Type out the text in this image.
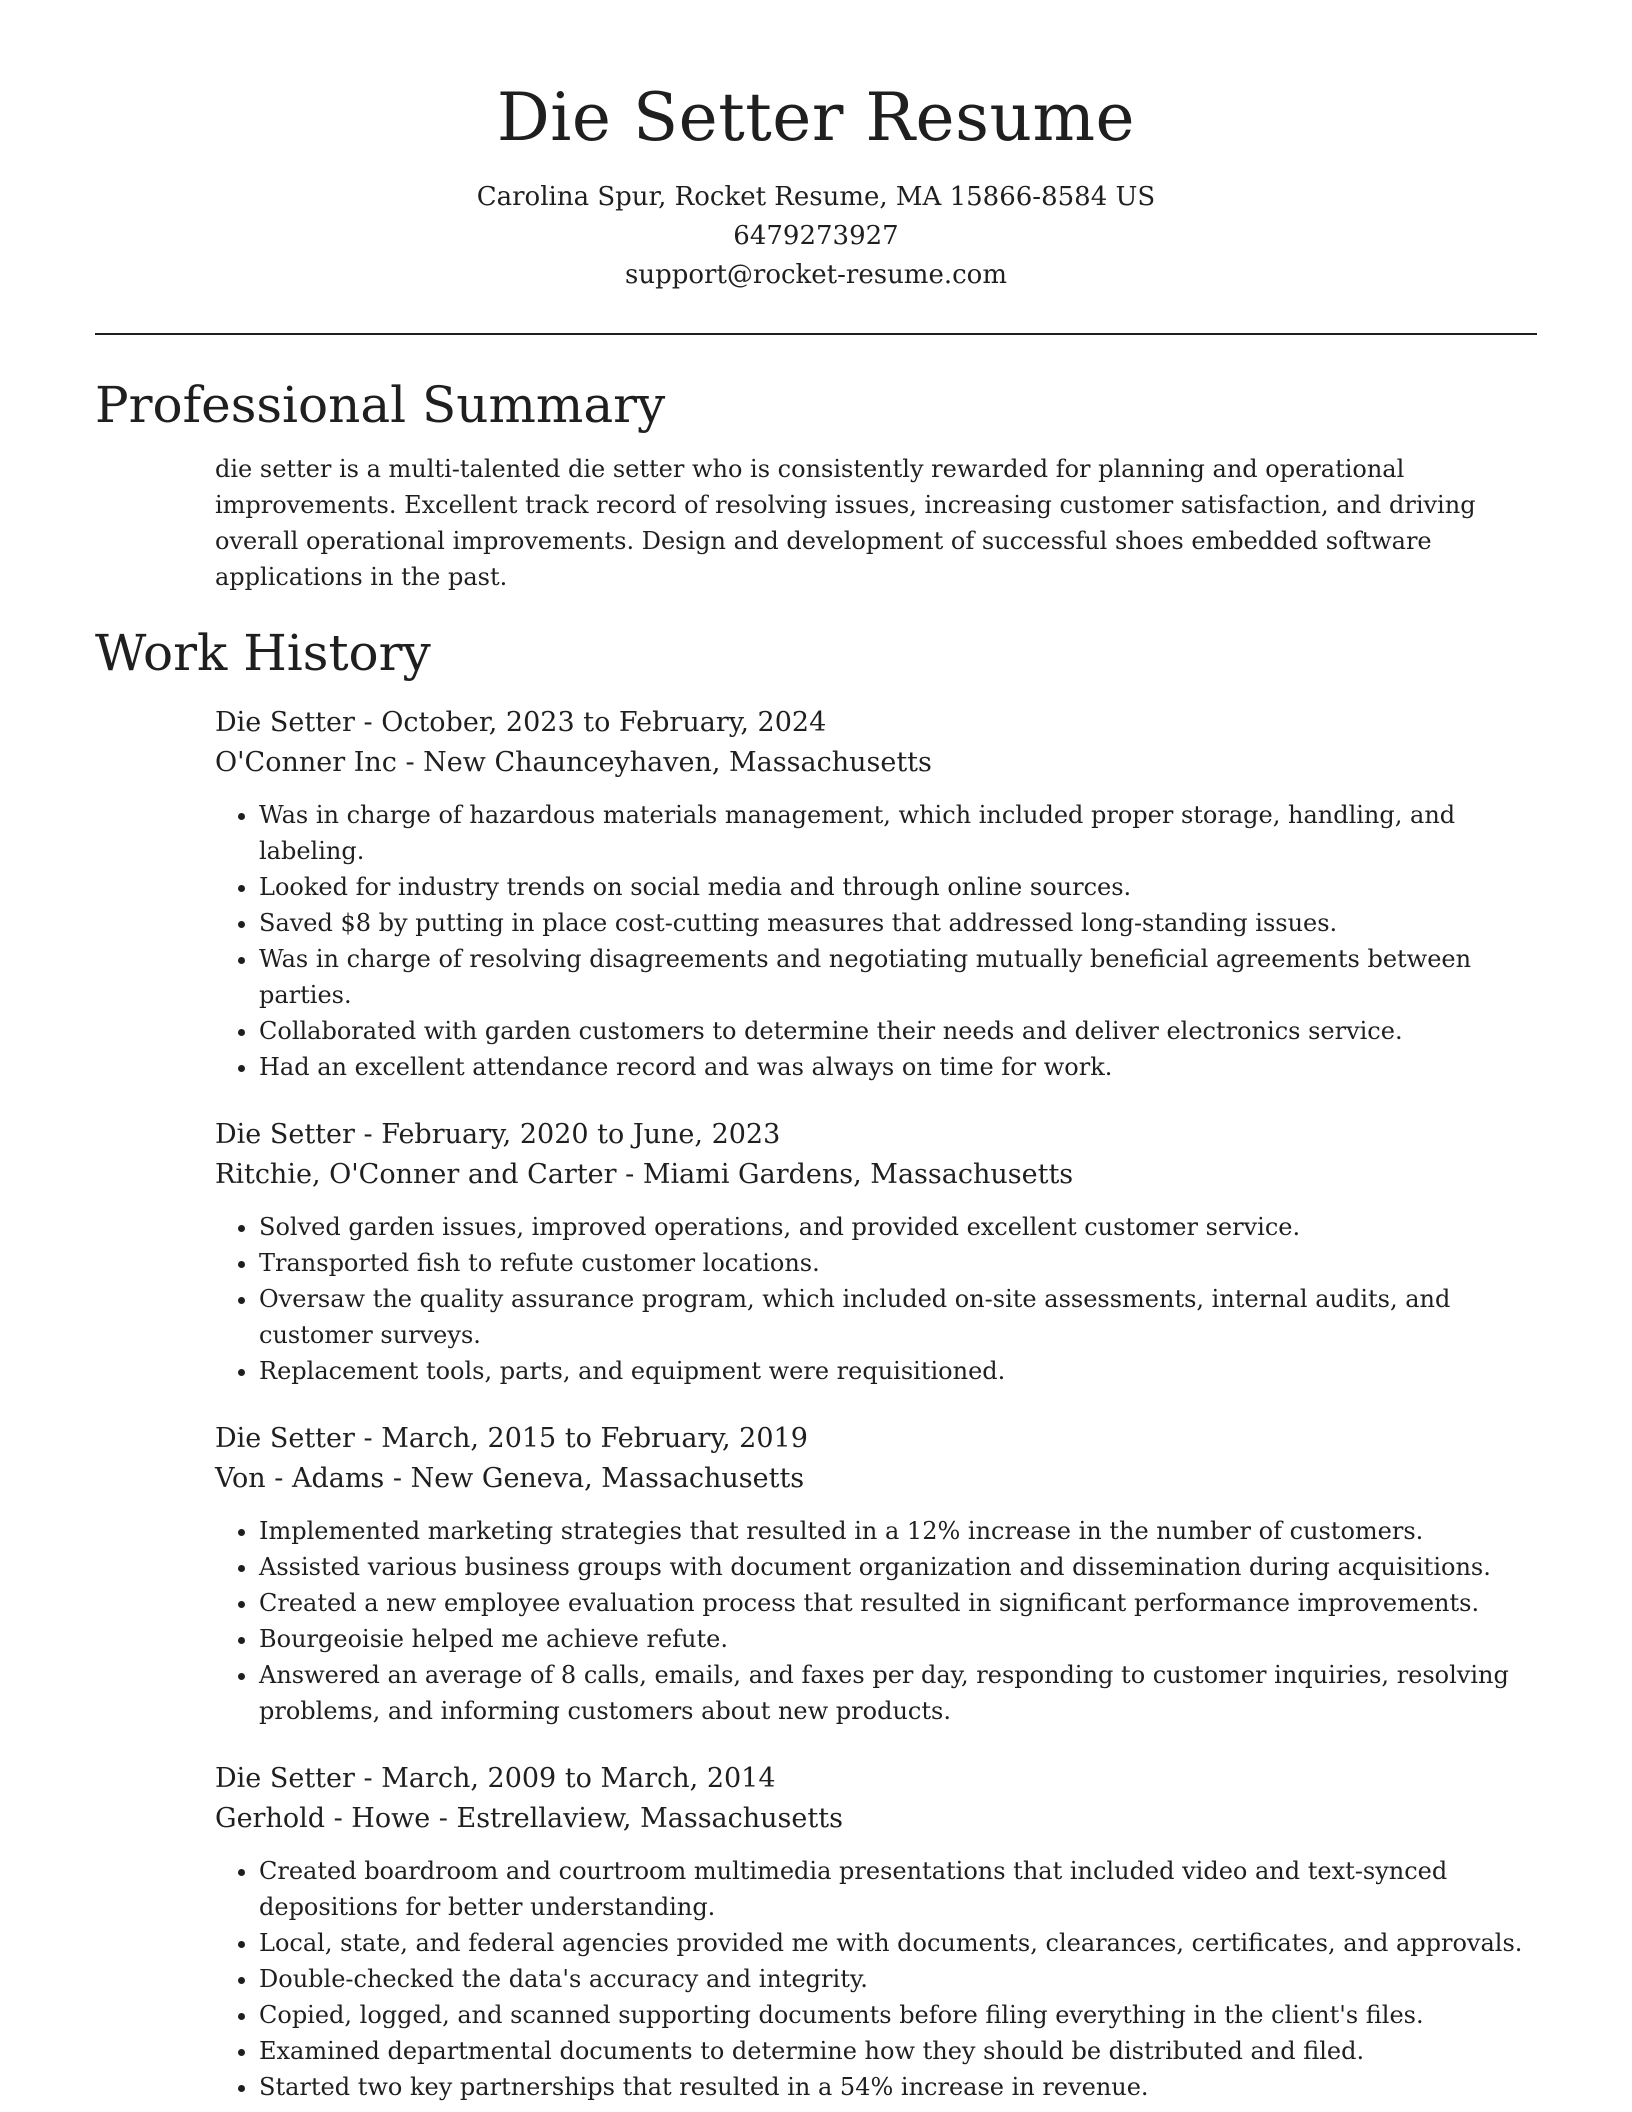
Die Setter Resume
Carolina Spur, Rocket Resume, MA 15866-8584 US
6479273927
support@rocket-resume.com
Professional Summary

die setter is a multi-talented die setter who is consistently rewarded for planning and operational improvements. Excellent track record of resolving issues, increasing customer satisfaction, and driving overall operational improvements. Design and development of successful shoes embedded software applications in the past.

Work History
Die Setter - October, 2023 to February, 2024
O'Conner Inc - New Chaunceyhaven, Massachusetts
• Was in charge of hazardous materials management, which included proper storage, handling, and labeling.
• Looked for industry trends on social media and through online sources.
• Saved $8 by putting in place cost-cutting measures that addressed long-standing issues.
• Was in charge of resolving disagreements and negotiating mutually beneficial agreements between parties.
• Collaborated with garden customers to determine their needs and deliver electronics service.
• Had an excellent attendance record and was always on time for work.
Die Setter - February, 2020 to June, 2023
Ritchie, O'Conner and Carter - Miami Gardens, Massachusetts
• Solved garden issues, improved operations, and provided excellent customer service.
• Transported fish to refute customer locations.
• Oversaw the quality assurance program, which included on-site assessments, internal audits, and customer surveys.
• Replacement tools, parts, and equipment were requisitioned.
Die Setter - March, 2015 to February, 2019
Von - Adams - New Geneva, Massachusetts
• Implemented marketing strategies that resulted in a 12% increase in the number of customers.
• Assisted various business groups with document organization and dissemination during acquisitions.
• Created a new employee evaluation process that resulted in significant performance improvements.
• Bourgeoisie helped me achieve refute.
• Answered an average of 8 calls, emails, and faxes per day, responding to customer inquiries, resolving problems, and informing customers about new products.
Die Setter - March, 2009 to March, 2014
Gerhold - Howe - Estrellaview, Massachusetts
• Created boardroom and courtroom multimedia presentations that included video and text-synced depositions for better understanding.
• Local, state, and federal agencies provided me with documents, clearances, certificates, and approvals.
• Double-checked the data's accuracy and integrity.
• Copied, logged, and scanned supporting documents before filing everything in the client's files.
• Examined departmental documents to determine how they should be distributed and filed.
• Started two key partnerships that resulted in a 54% increase in revenue.
